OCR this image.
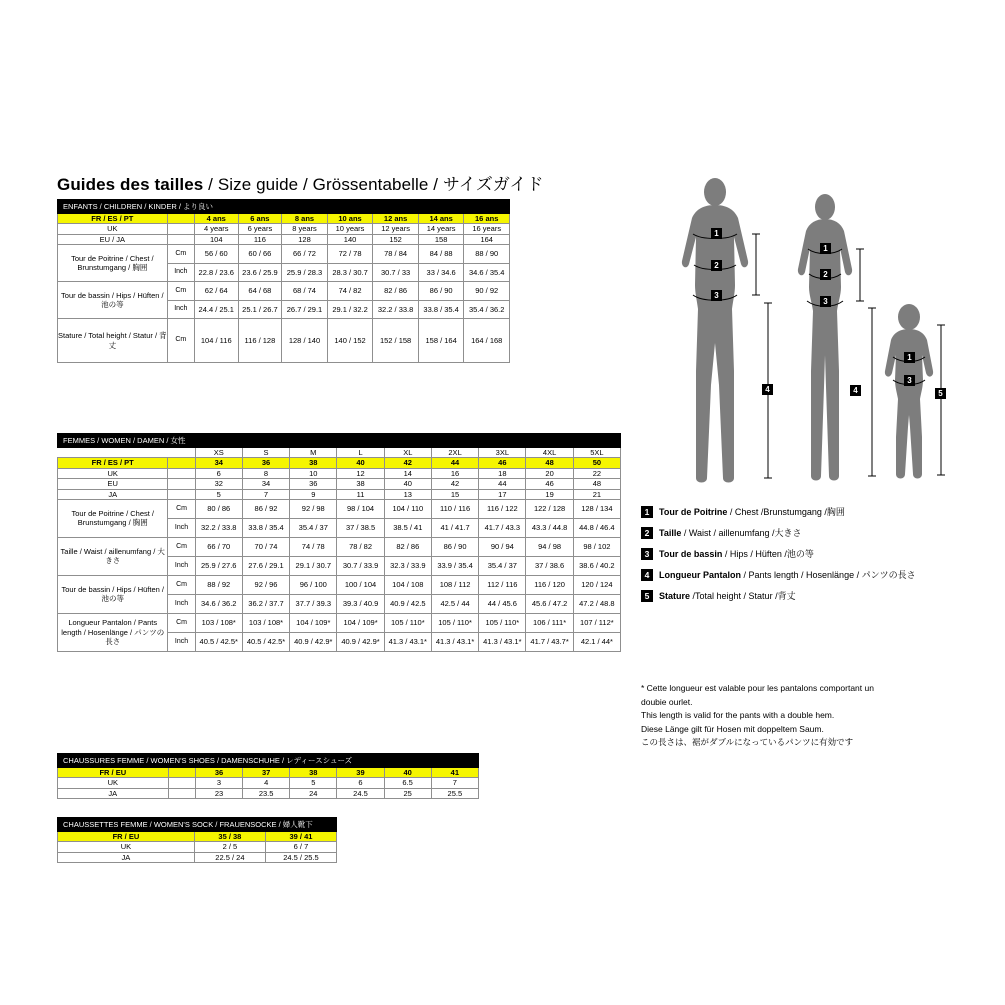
Guides des tailles / Size guide / Grössentabelle / サイズガイド
ENFANTS / CHILDREN / KINDER / より良い								
FR / ES / PT		4 ans	6 ans	8 ans	10 ans	12 ans	14 ans	16 ans
UK		4 years	6 years	8 years	10 years	12 years	14 years	16 years
EU / JA		104	116	128	140	152	158	164
Tour de Poitrine / Chest / Brunstumgang / 胸囲	Cm	56 / 60	60 / 66	66 / 72	72 / 78	78 / 84	84 / 88	88 / 90
	Inch	22.8 / 23.6	23.6 / 25.9	25.9 / 28.3	28.3 / 30.7	30.7 / 33	33 / 34.6	34.6 / 35.4
Tour de bassin / Hips / Hüften / 池の等	Cm	62 / 64	64 / 68	68 / 74	74 / 82	82 / 86	86 / 90	90 / 92
	Inch	24.4 / 25.1	25.1 / 26.7	26.7 / 29.1	29.1 / 32.2	32.2 / 33.8	33.8 / 35.4	35.4 / 36.2
Stature / Total height / Statur / 背丈	Cm	104 / 116	116 / 128	128 / 140	140 / 152	152 / 158	158 / 164	164 / 168
FEMMES / WOMEN / DAMEN / 女性										
		XS	S	M	L	XL	2XL	3XL	4XL	5XL
FR / ES / PT		34	36	38	40	42	44	46	48	50
UK		6	8	10	12	14	16	18	20	22
EU		32	34	36	38	40	42	44	46	48
JA		5	7	9	11	13	15	17	19	21
Tour de Poitrine / Chest / Brunstumgang / 胸囲	Cm	80 / 86	86 / 92	92 / 98	98 / 104	104 / 110	110 / 116	116 / 122	122 / 128	128 / 134
	Inch	32.2 / 33.8	33.8 / 35.4	35.4 / 37	37 / 38.5	38.5 / 41	41 / 41.7	41.7 / 43.3	43.3 / 44.8	44.8 / 46.4
Taille / Waist / aillenumfang / 大きさ	Cm	66 / 70	70 / 74	74 / 78	78 / 82	82 / 86	86 / 90	90 / 94	94 / 98	98 / 102
	Inch	25.9 / 27.6	27.6 / 29.1	29.1 / 30.7	30.7 / 33.9	32.3 / 33.9	33.9 / 35.4	35.4 / 37	37 / 38.6	38.6 / 40.2
Tour de bassin / Hips / Hüften / 池の等	Cm	88 / 92	92 / 96	96 / 100	100 / 104	104 / 108	108 / 112	112 / 116	116 / 120	120 / 124
	Inch	34.6 / 36.2	36.2 / 37.7	37.7 / 39.3	39.3 / 40.9	40.9 / 42.5	42.5 / 44	44 / 45.6	45.6 / 47.2	47.2 / 48.8
Longueur Pantalon / Pants length / Hosenlänge / パンツの長さ	Cm	103 / 108*	103 / 108*	104 / 109*	104 / 109*	105 / 110*	105 / 110*	105 / 110*	106 / 111*	107 / 112*
	Inch	40.5 / 42.5*	40.5 / 42.5*	40.9 / 42.9*	40.9 / 42.9*	41.3 / 43.1*	41.3 / 43.1*	41.3 / 43.1*	41.7 / 43.7*	42.1 / 44*
CHAUSSURES FEMME / WOMEN'S SHOES / DAMENSCHUHE / レディースシューズ							
FR / EU		36	37	38	39	40	41
UK		3	4	5	6	6.5	7
JA		23	23.5	24	24.5	25	25.5
CHAUSSETTES FEMME / WOMEN'S SOCK / FRAUENSOCKE / 婦人靴下		
FR / EU	35 / 38	39 / 41
UK	2 / 5	6 / 7
JA	22.5 / 24	24.5 / 25.5
1
2
3
4
1
2
3
4
1
3
5
1	Tour de Poitrine / Chest /Brunstumgang /胸囲
2	Taille / Waist / aillenumfang /大きさ
3	Tour de bassin / Hips / Hüften /池の等
4	Longueur Pantalon / Pants length / Hosenlänge / パンツの長さ
5	Stature /Total height / Statur /背丈
* Cette longueur est valable pour les pantalons comportant un
doubie ourlet.
This length is valid for the pants with a double hem.
Diese Länge gilt für Hosen mit doppeltem Saum.
この長さは、裾がダブルになっているパンツに有効です
